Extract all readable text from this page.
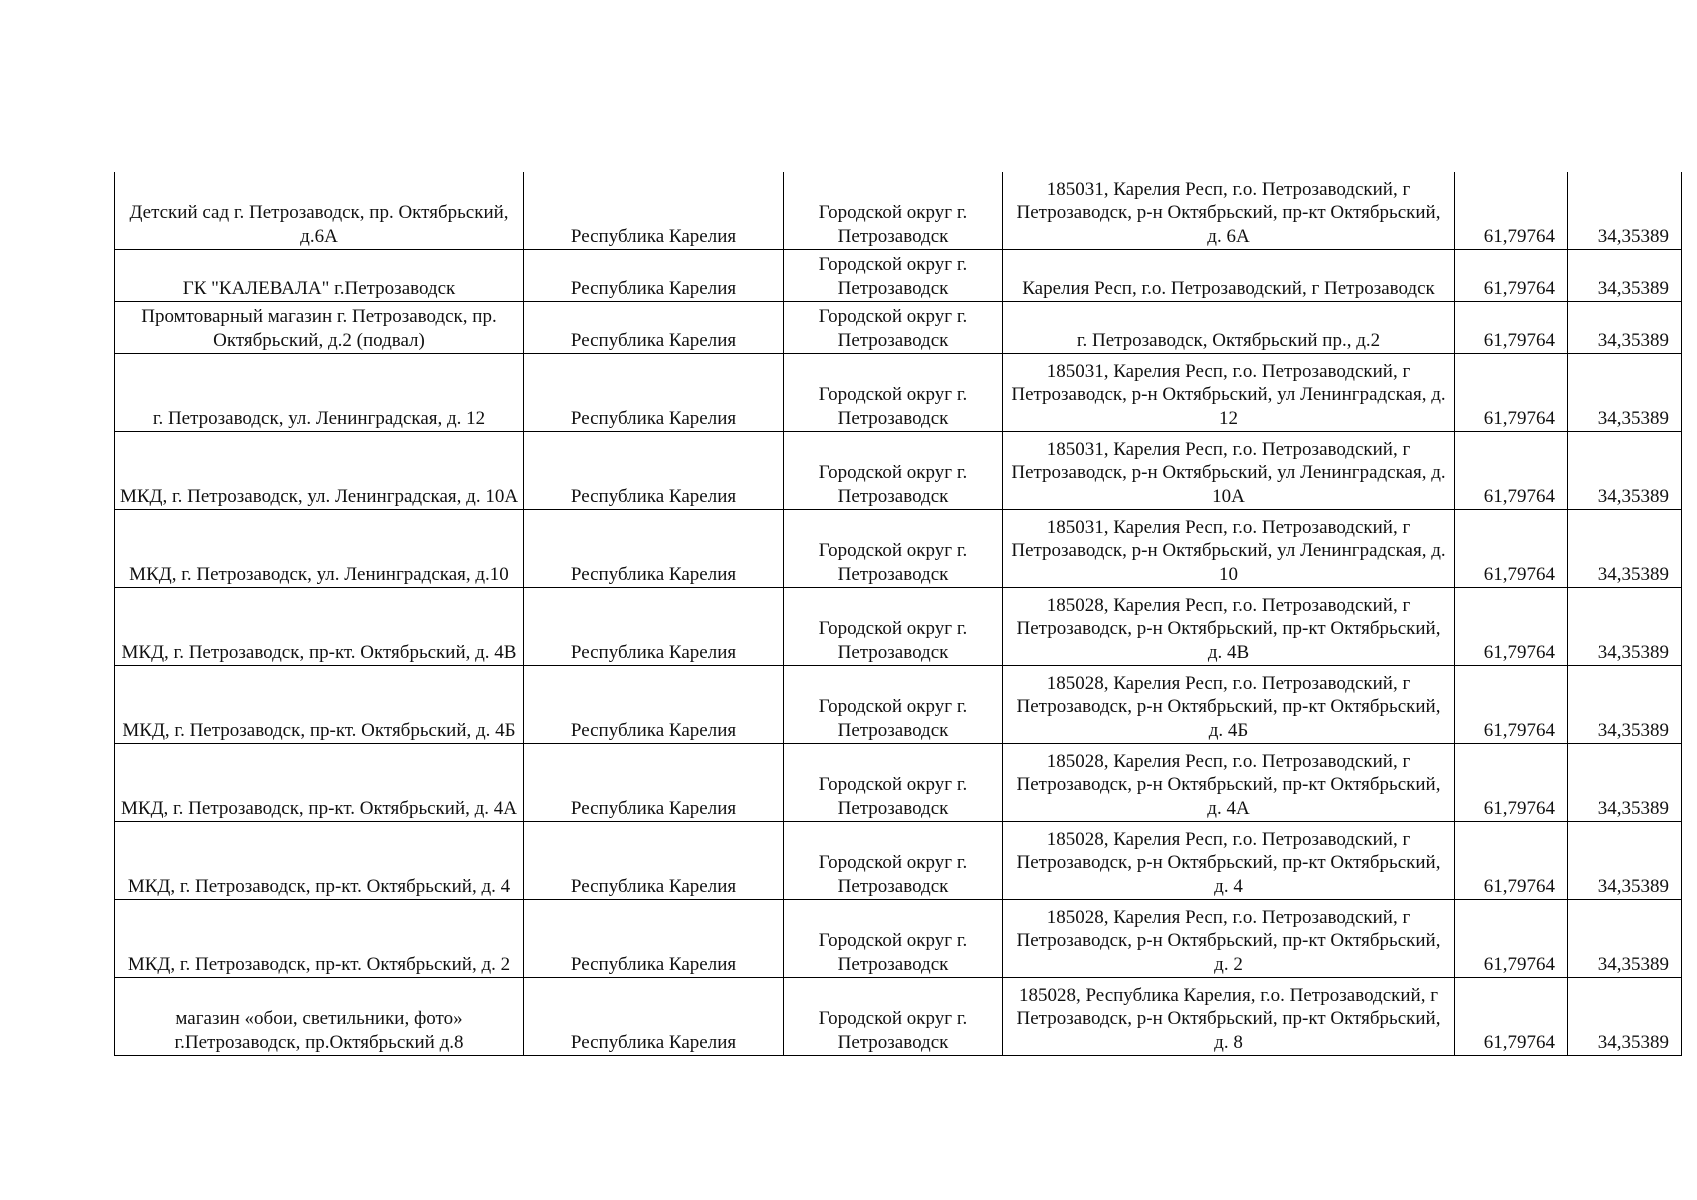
Детский сад г. Петрозаводск, пр. Октябрьский, д.6А	Республика Карелия	Городской округ г. Петрозаводск	185031, Карелия Респ, г.о. Петрозаводский, г Петрозаводск, р-н Октябрьский, пр-кт Октябрьский, д. 6А	61,79764	34,35389
ГК "КАЛЕВАЛА" г.Петрозаводск	Республика Карелия	Городской округ г. Петрозаводск	Карелия Респ, г.о. Петрозаводский, г Петрозаводск	61,79764	34,35389
Промтоварный магазин г. Петрозаводск, пр. Октябрьский, д.2 (подвал)	Республика Карелия	Городской округ г. Петрозаводск	г. Петрозаводск, Октябрьский пр., д.2	61,79764	34,35389
г. Петрозаводск, ул. Ленинградская, д. 12	Республика Карелия	Городской округ г. Петрозаводск	185031, Карелия Респ, г.о. Петрозаводский, г Петрозаводск, р-н Октябрьский, ул Ленинградская, д. 12	61,79764	34,35389
МКД, г. Петрозаводск, ул. Ленинградская, д. 10А	Республика Карелия	Городской округ г. Петрозаводск	185031, Карелия Респ, г.о. Петрозаводский, г Петрозаводск, р-н Октябрьский, ул Ленинградская, д. 10А	61,79764	34,35389
МКД, г. Петрозаводск, ул. Ленинградская, д.10	Республика Карелия	Городской округ г. Петрозаводск	185031, Карелия Респ, г.о. Петрозаводский, г Петрозаводск, р-н Октябрьский, ул Ленинградская, д. 10	61,79764	34,35389
МКД, г. Петрозаводск, пр-кт. Октябрьский, д. 4В	Республика Карелия	Городской округ г. Петрозаводск	185028, Карелия Респ, г.о. Петрозаводский, г Петрозаводск, р-н Октябрьский, пр-кт Октябрьский, д. 4В	61,79764	34,35389
МКД, г. Петрозаводск, пр-кт. Октябрьский, д. 4Б	Республика Карелия	Городской округ г. Петрозаводск	185028, Карелия Респ, г.о. Петрозаводский, г Петрозаводск, р-н Октябрьский, пр-кт Октябрьский, д. 4Б	61,79764	34,35389
МКД, г. Петрозаводск, пр-кт. Октябрьский, д. 4А	Республика Карелия	Городской округ г. Петрозаводск	185028, Карелия Респ, г.о. Петрозаводский, г Петрозаводск, р-н Октябрьский, пр-кт Октябрьский, д. 4А	61,79764	34,35389
МКД, г. Петрозаводск, пр-кт. Октябрьский, д. 4	Республика Карелия	Городской округ г. Петрозаводск	185028, Карелия Респ, г.о. Петрозаводский, г Петрозаводск, р-н Октябрьский, пр-кт Октябрьский, д. 4	61,79764	34,35389
МКД, г. Петрозаводск, пр-кт. Октябрьский, д. 2	Республика Карелия	Городской округ г. Петрозаводск	185028, Карелия Респ, г.о. Петрозаводский, г Петрозаводск, р-н Октябрьский, пр-кт Октябрьский, д. 2	61,79764	34,35389
магазин «обои, светильники, фото» г.Петрозаводск, пр.Октябрьский д.8	Республика Карелия	Городской округ г. Петрозаводск	185028, Республика Карелия, г.о. Петрозаводский, г Петрозаводск, р-н Октябрьский, пр-кт Октябрьский, д. 8	61,79764	34,35389
